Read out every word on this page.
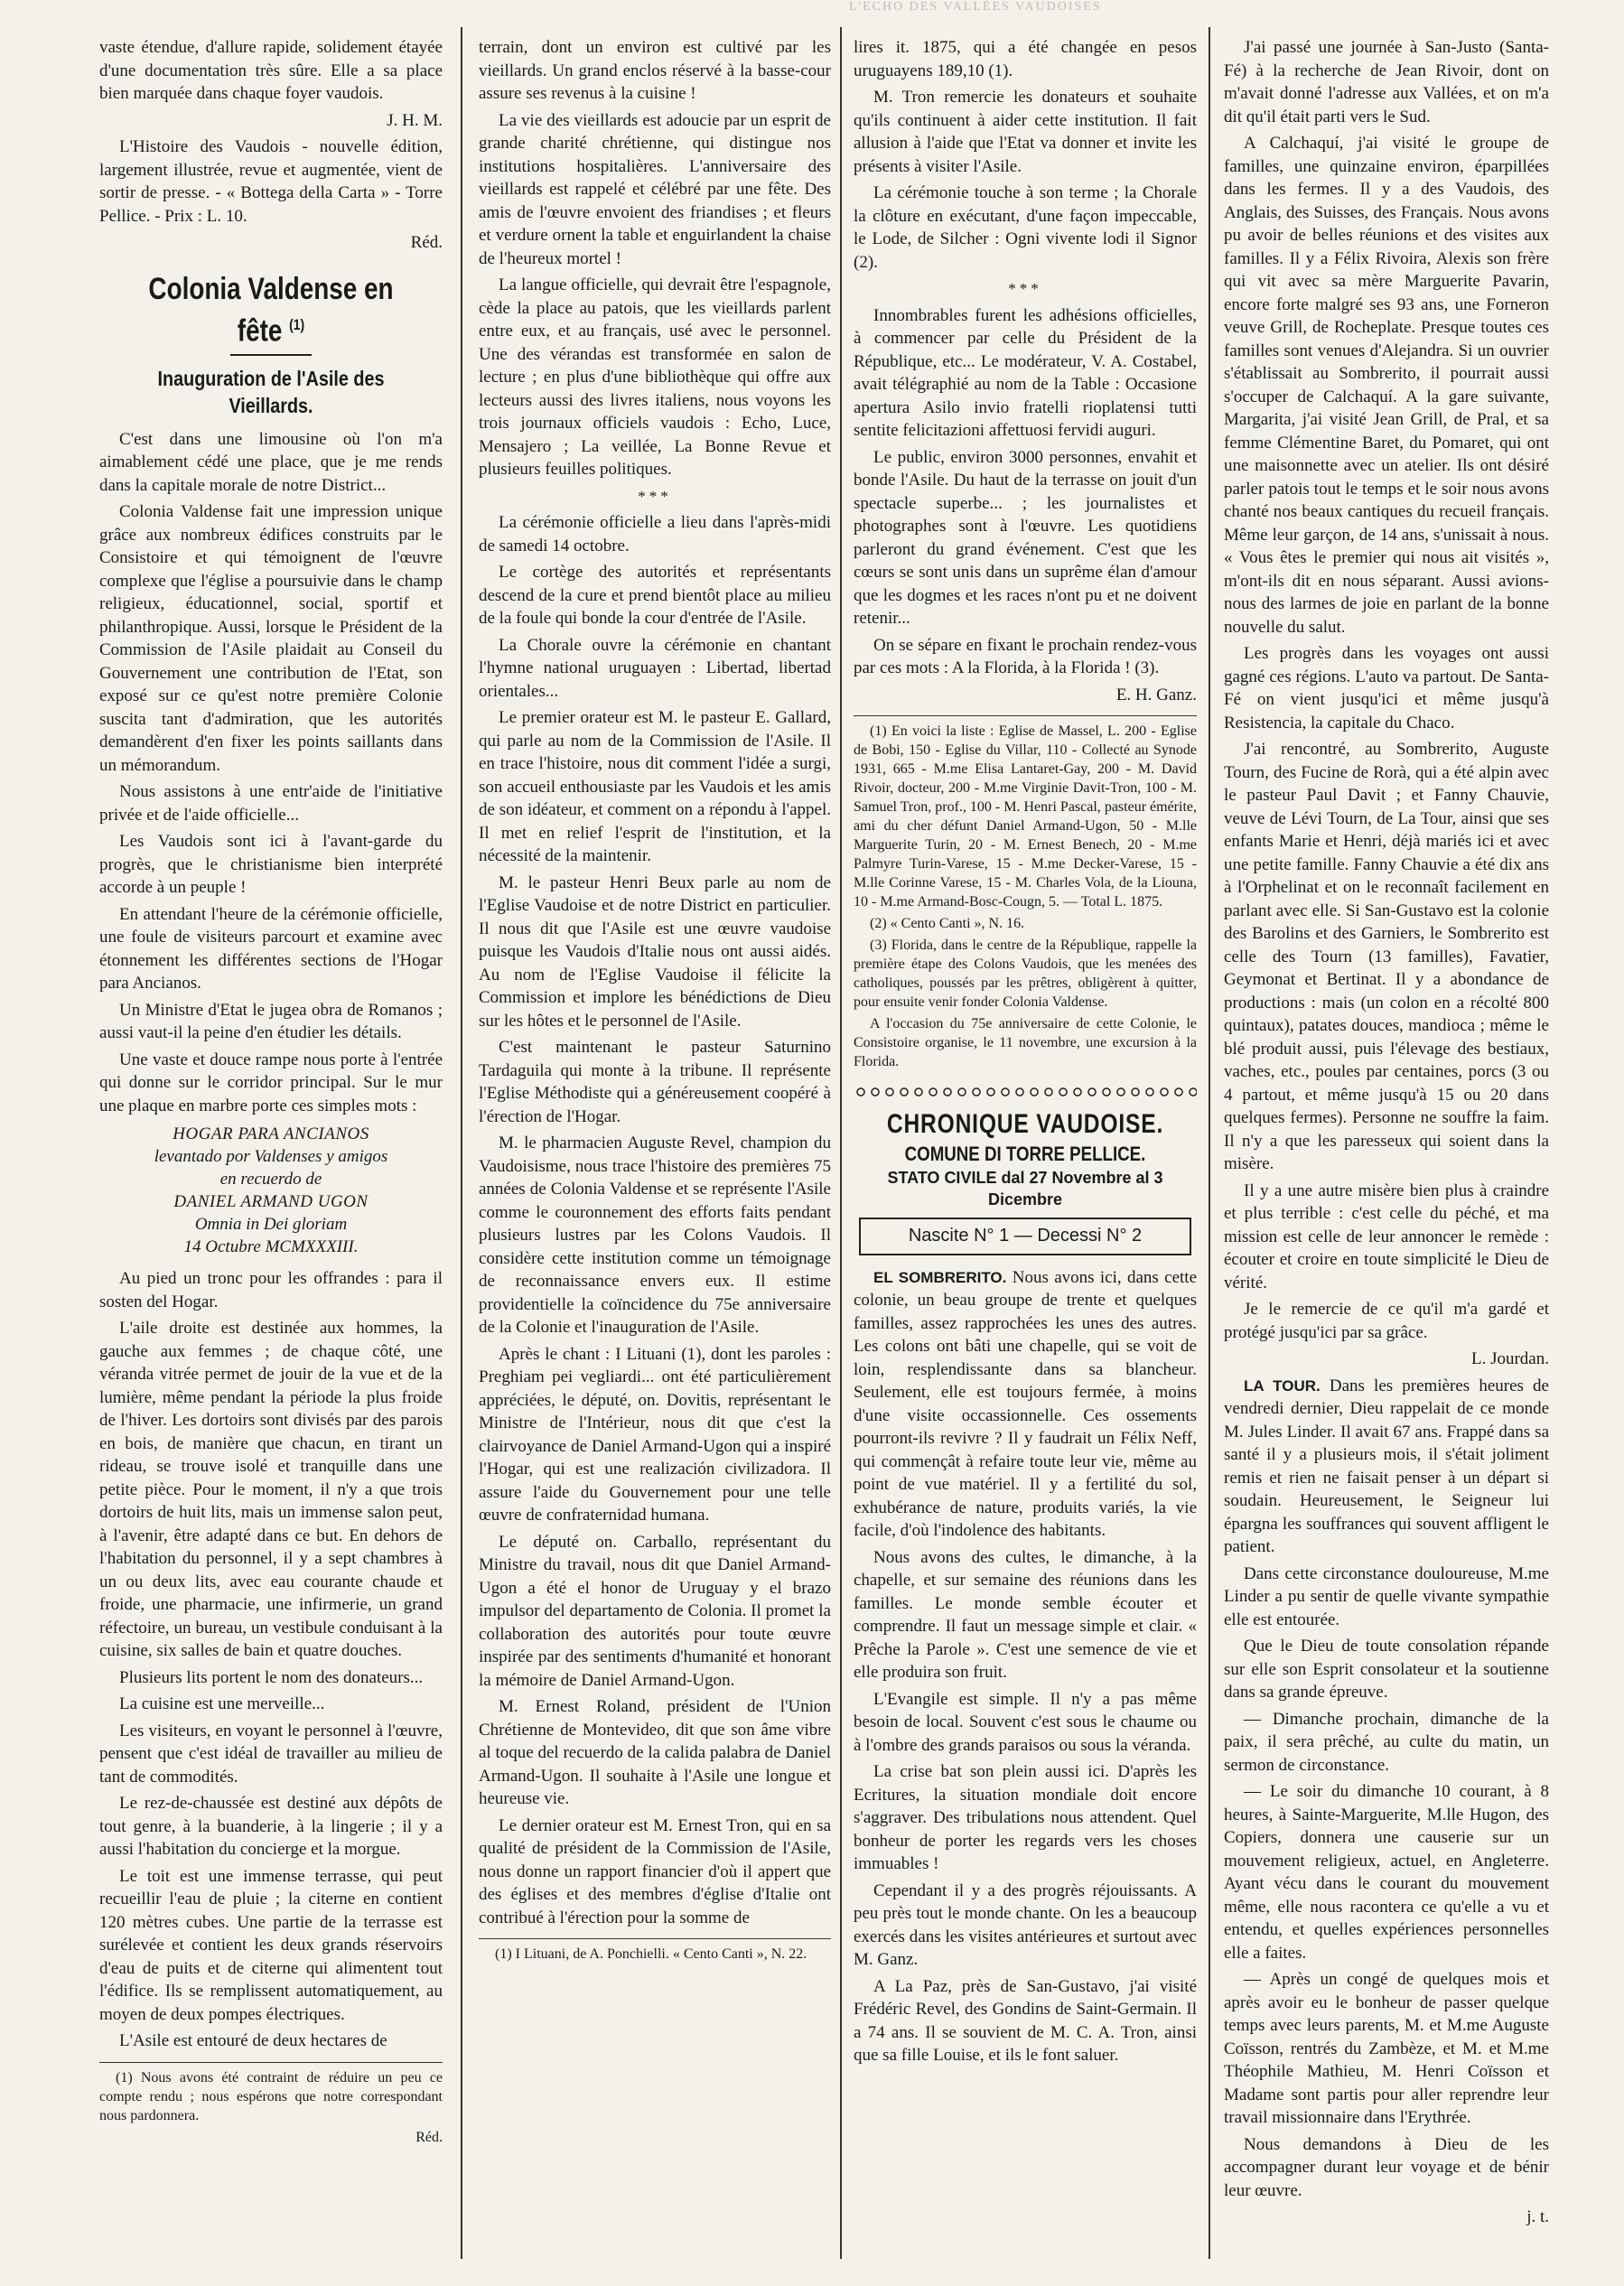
L'ECHO DES VALLÉES VAUDOISES

vaste étendue, d'allure rapide, solidement étayée d'une documentation très sûre. Elle a sa place bien marquée dans chaque foyer vaudois.

J. H. M.

L'Histoire des Vaudois - nouvelle édition, largement illustrée, revue et augmentée, vient de sortir de presse. - « Bottega della Carta » - Torre Pellice. - Prix : L. 10.

Réd.

Colonia Valdense en fête $^{(1)}$
Inauguration de l'Asile des Vieillards.

C'est dans une limousine où l'on m'a aimablement cédé une place, que je me rends dans la capitale morale de notre District...

Colonia Valdense fait une impression unique grâce aux nombreux édifices construits par le Consistoire et qui témoignent de l'œuvre complexe que l'église a poursuivie dans le champ religieux, éducationnel, social, sportif et philanthropique. Aussi, lorsque le Président de la Commission de l'Asile plaidait au Conseil du Gouvernement une contribution de l'Etat, son exposé sur ce qu'est notre première Colonie suscita tant d'admiration, que les autorités demandèrent d'en fixer les points saillants dans un mémorandum.

Nous assistons à une entr'aide de l'initiative privée et de l'aide officielle...

Les Vaudois sont ici à l'avant-garde du progrès, que le christianisme bien interprété accorde à un peuple !

En attendant l'heure de la cérémonie officielle, une foule de visiteurs parcourt et examine avec étonnement les différentes sections de l'Hogar para Ancianos.

Un Ministre d'Etat le jugea obra de Romanos ; aussi vaut-il la peine d'en étudier les détails.

Une vaste et douce rampe nous porte à l'entrée qui donne sur le corridor principal. Sur le mur une plaque en marbre porte ces simples mots :

HOGAR PARA ANCIANOS
levantado por Valdenses y amigos
en recuerdo de
DANIEL ARMAND UGON
Omnia in Dei gloriam
14 Octubre MCMXXXIII.

Au pied un tronc pour les offrandes : para il sosten del Hogar.

L'aile droite est destinée aux hommes, la gauche aux femmes ; de chaque côté, une véranda vitrée permet de jouir de la vue et de la lumière, même pendant la période la plus froide de l'hiver. Les dortoirs sont divisés par des parois en bois, de manière que chacun, en tirant un rideau, se trouve isolé et tranquille dans une petite pièce. Pour le moment, il n'y a que trois dortoirs de huit lits, mais un immense salon peut, à l'avenir, être adapté dans ce but. En dehors de l'habitation du personnel, il y a sept chambres à un ou deux lits, avec eau courante chaude et froide, une pharmacie, une infirmerie, un grand réfectoire, un bureau, un vestibule conduisant à la cuisine, six salles de bain et quatre douches.

Plusieurs lits portent le nom des donateurs...

La cuisine est une merveille...

Les visiteurs, en voyant le personnel à l'œuvre, pensent que c'est idéal de travailler au milieu de tant de commodités.

Le rez-de-chaussée est destiné aux dépôts de tout genre, à la buanderie, à la lingerie ; il y a aussi l'habitation du concierge et la morgue.

Le toit est une immense terrasse, qui peut recueillir l'eau de pluie ; la citerne en contient 120 mètres cubes. Une partie de la terrasse est surélevée et contient les deux grands réservoirs d'eau de puits et de citerne qui alimentent tout l'édifice. Ils se remplissent automatiquement, au moyen de deux pompes électriques.

L'Asile est entouré de deux hectares de

(1) Nous avons été contraint de réduire un peu ce compte rendu ; nous espérons que notre correspondant nous pardonnera.

Réd.

terrain, dont un environ est cultivé par les vieillards. Un grand enclos réservé à la basse-cour assure ses revenus à la cuisine !

La vie des vieillards est adoucie par un esprit de grande charité chrétienne, qui distingue nos institutions hospitalières. L'anniversaire des vieillards est rappelé et célébré par une fête. Des amis de l'œuvre envoient des friandises ; et fleurs et verdure ornent la table et enguirlandent la chaise de l'heureux mortel !

La langue officielle, qui devrait être l'espagnole, cède la place au patois, que les vieillards parlent entre eux, et au français, usé avec le personnel. Une des vérandas est transformée en salon de lecture ; en plus d'une bibliothèque qui offre aux lecteurs aussi des livres italiens, nous voyons les trois journaux officiels vaudois : Echo, Luce, Mensajero ; La veillée, La Bonne Revue et plusieurs feuilles politiques.

***

La cérémonie officielle a lieu dans l'après-midi de samedi 14 octobre.

Le cortège des autorités et représentants descend de la cure et prend bientôt place au milieu de la foule qui bonde la cour d'entrée de l'Asile.

La Chorale ouvre la cérémonie en chantant l'hymne national uruguayen : Libertad, libertad orientales...

Le premier orateur est M. le pasteur E. Gallard, qui parle au nom de la Commission de l'Asile. Il en trace l'histoire, nous dit comment l'idée a surgi, son accueil enthousiaste par les Vaudois et les amis de son idéateur, et comment on a répondu à l'appel. Il met en relief l'esprit de l'institution, et la nécessité de la maintenir.

M. le pasteur Henri Beux parle au nom de l'Eglise Vaudoise et de notre District en particulier. Il nous dit que l'Asile est une œuvre vaudoise puisque les Vaudois d'Italie nous ont aussi aidés. Au nom de l'Eglise Vaudoise il félicite la Commission et implore les bénédictions de Dieu sur les hôtes et le personnel de l'Asile.

C'est maintenant le pasteur Saturnino Tardaguila qui monte à la tribune. Il représente l'Eglise Méthodiste qui a généreusement coopéré à l'érection de l'Hogar.

M. le pharmacien Auguste Revel, champion du Vaudoisisme, nous trace l'histoire des premières 75 années de Colonia Valdense et se représente l'Asile comme le couronnement des efforts faits pendant plusieurs lustres par les Colons Vaudois. Il considère cette institution comme un témoignage de reconnaissance envers eux. Il estime providentielle la coïncidence du 75e anniversaire de la Colonie et l'inauguration de l'Asile.

Après le chant : I Lituani (1), dont les paroles : Preghiam pei vegliardi... ont été particulièrement appréciées, le député, on. Dovitis, représentant le Ministre de l'Intérieur, nous dit que c'est la clairvoyance de Daniel Armand-Ugon qui a inspiré l'Hogar, qui est une realización civilizadora. Il assure l'aide du Gouvernement pour une telle œuvre de confraternidad humana.

Le député on. Carballo, représentant du Ministre du travail, nous dit que Daniel Armand-Ugon a été el honor de Uruguay y el brazo impulsor del departamento de Colonia. Il promet la collaboration des autorités pour toute œuvre inspirée par des sentiments d'humanité et honorant la mémoire de Daniel Armand-Ugon.

M. Ernest Roland, président de l'Union Chrétienne de Montevideo, dit que son âme vibre al toque del recuerdo de la calida palabra de Daniel Armand-Ugon. Il souhaite à l'Asile une longue et heureuse vie.

Le dernier orateur est M. Ernest Tron, qui en sa qualité de président de la Commission de l'Asile, nous donne un rapport financier d'où il appert que des églises et des membres d'église d'Italie ont contribué à l'érection pour la somme de

(1) I Lituani, de A. Ponchielli. « Cento Canti », N. 22.

lires it. 1875, qui a été changée en pesos uruguayens 189,10 (1).

M. Tron remercie les donateurs et souhaite qu'ils continuent à aider cette institution. Il fait allusion à l'aide que l'Etat va donner et invite les présents à visiter l'Asile.

La cérémonie touche à son terme ; la Chorale la clôture en exécutant, d'une façon impeccable, le Lode, de Silcher : Ogni vivente lodi il Signor (2).

***

Innombrables furent les adhésions officielles, à commencer par celle du Président de la République, etc... Le modérateur, V. A. Costabel, avait télégraphié au nom de la Table : Occasione apertura Asilo invio fratelli rioplatensi tutti sentite felicitazioni affettuosi fervidi auguri.

Le public, environ 3000 personnes, envahit et bonde l'Asile. Du haut de la terrasse on jouit d'un spectacle superbe... ; les journalistes et photographes sont à l'œuvre. Les quotidiens parleront du grand événement. C'est que les cœurs se sont unis dans un suprême élan d'amour que les dogmes et les races n'ont pu et ne doivent retenir...

On se sépare en fixant le prochain rendez-vous par ces mots : A la Florida, à la Florida ! (3).

E. H. Ganz.

(1) En voici la liste : Eglise de Massel, L. 200 - Eglise de Bobi, 150 - Eglise du Villar, 110 - Collecté au Synode 1931, 665 - M.me Elisa Lantaret-Gay, 200 - M. David Rivoir, docteur, 200 - M.me Virginie Davit-Tron, 100 - M. Samuel Tron, prof., 100 - M. Henri Pascal, pasteur émérite, ami du cher défunt Daniel Armand-Ugon, 50 - M.lle Marguerite Turin, 20 - M. Ernest Benech, 20 - M.me Palmyre Turin-Varese, 15 - M.me Decker-Varese, 15 - M.lle Corinne Varese, 15 - M. Charles Vola, de la Liouna, 10 - M.me Armand-Bosc-Cougn, 5. — Total L. 1875.

(2) « Cento Canti », N. 16.

(3) Florida, dans le centre de la République, rappelle la première étape des Colons Vaudois, que les menées des catholiques, poussés par les prêtres, obligèrent à quitter, pour ensuite venir fonder Colonia Valdense.

A l'occasion du 75e anniversaire de cette Colonie, le Consistoire organise, le 11 novembre, une excursion à la Florida.

CHRONIQUE VAUDOISE.
COMUNE DI TORRE PELLICE.
STATO CIVILE dal 27 Novembre al 3 Dicembre
Nascite N° 1 — Decessi N° 2

EL SOMBRERITO. Nous avons ici, dans cette colonie, un beau groupe de trente et quelques familles, assez rapprochées les unes des autres. Les colons ont bâti une chapelle, qui se voit de loin, resplendissante dans sa blancheur. Seulement, elle est toujours fermée, à moins d'une visite occassionnelle. Ces ossements pourront-ils revivre ? Il y faudrait un Félix Neff, qui commençât à refaire toute leur vie, même au point de vue matériel. Il y a fertilité du sol, exhubérance de nature, produits variés, la vie facile, d'où l'indolence des habitants.

Nous avons des cultes, le dimanche, à la chapelle, et sur semaine des réunions dans les familles. Le monde semble écouter et comprendre. Il faut un message simple et clair. « Prêche la Parole ». C'est une semence de vie et elle produira son fruit.

L'Evangile est simple. Il n'y a pas même besoin de local. Souvent c'est sous le chaume ou à l'ombre des grands paraisos ou sous la véranda.

La crise bat son plein aussi ici. D'après les Ecritures, la situation mondiale doit encore s'aggraver. Des tribulations nous attendent. Quel bonheur de porter les regards vers les choses immuables !

Cependant il y a des progrès réjouissants. A peu près tout le monde chante. On les a beaucoup exercés dans les visites antérieures et surtout avec M. Ganz.

A La Paz, près de San-Gustavo, j'ai visité Frédéric Revel, des Gondins de Saint-Germain. Il a 74 ans. Il se souvient de M. C. A. Tron, ainsi que sa fille Louise, et ils le font saluer.

J'ai passé une journée à San-Justo (Santa-Fé) à la recherche de Jean Rivoir, dont on m'avait donné l'adresse aux Vallées, et on m'a dit qu'il était parti vers le Sud.

A Calchaquí, j'ai visité le groupe de familles, une quinzaine environ, éparpillées dans les fermes. Il y a des Vaudois, des Anglais, des Suisses, des Français. Nous avons pu avoir de belles réunions et des visites aux familles. Il y a Félix Rivoira, Alexis son frère qui vit avec sa mère Marguerite Pavarin, encore forte malgré ses 93 ans, une Forneron veuve Grill, de Rocheplate. Presque toutes ces familles sont venues d'Alejandra. Si un ouvrier s'établissait au Sombrerito, il pourrait aussi s'occuper de Calchaquí. A la gare suivante, Margarita, j'ai visité Jean Grill, de Pral, et sa femme Clémentine Baret, du Pomaret, qui ont une maisonnette avec un atelier. Ils ont désiré parler patois tout le temps et le soir nous avons chanté nos beaux cantiques du recueil français. Même leur garçon, de 14 ans, s'unissait à nous. « Vous êtes le premier qui nous ait visités », m'ont-ils dit en nous séparant. Aussi avions-nous des larmes de joie en parlant de la bonne nouvelle du salut.

Les progrès dans les voyages ont aussi gagné ces régions. L'auto va partout. De Santa-Fé on vient jusqu'ici et même jusqu'à Resistencia, la capitale du Chaco.

J'ai rencontré, au Sombrerito, Auguste Tourn, des Fucine de Rorà, qui a été alpin avec le pasteur Paul Davit ; et Fanny Chauvie, veuve de Lévi Tourn, de La Tour, ainsi que ses enfants Marie et Henri, déjà mariés ici et avec une petite famille. Fanny Chauvie a été dix ans à l'Orphelinat et on le reconnaît facilement en parlant avec elle. Si San-Gustavo est la colonie des Barolins et des Garniers, le Sombrerito est celle des Tourn (13 familles), Favatier, Geymonat et Bertinat. Il y a abondance de productions : mais (un colon en a récolté 800 quintaux), patates douces, mandioca ; même le blé produit aussi, puis l'élevage des bestiaux, vaches, etc., poules par centaines, porcs (3 ou 4 partout, et même jusqu'à 15 ou 20 dans quelques fermes). Personne ne souffre la faim. Il n'y a que les paresseux qui soient dans la misère.

Il y a une autre misère bien plus à craindre et plus terrible : c'est celle du péché, et ma mission est celle de leur annoncer le remède : écouter et croire en toute simplicité le Dieu de vérité.

Je le remercie de ce qu'il m'a gardé et protégé jusqu'ici par sa grâce.

L. Jourdan.

LA TOUR. Dans les premières heures de vendredi dernier, Dieu rappelait de ce monde M. Jules Linder. Il avait 67 ans. Frappé dans sa santé il y a plusieurs mois, il s'était joliment remis et rien ne faisait penser à un départ si soudain. Heureusement, le Seigneur lui épargna les souffrances qui souvent affligent le patient.

Dans cette circonstance douloureuse, M.me Linder a pu sentir de quelle vivante sympathie elle est entourée.

Que le Dieu de toute consolation répande sur elle son Esprit consolateur et la soutienne dans sa grande épreuve.

— Dimanche prochain, dimanche de la paix, il sera prêché, au culte du matin, un sermon de circonstance.

— Le soir du dimanche 10 courant, à 8 heures, à Sainte-Marguerite, M.lle Hugon, des Copiers, donnera une causerie sur un mouvement religieux, actuel, en Angleterre. Ayant vécu dans le courant du mouvement même, elle nous racontera ce qu'elle a vu et entendu, et quelles expériences personnelles elle a faites.

— Après un congé de quelques mois et après avoir eu le bonheur de passer quelque temps avec leurs parents, M. et M.me Auguste Coïsson, rentrés du Zambèze, et M. et M.me Théophile Mathieu, M. Henri Coïsson et Madame sont partis pour aller reprendre leur travail missionnaire dans l'Erythrée.

Nous demandons à Dieu de les accompagner durant leur voyage et de bénir leur œuvre.

j. t.
